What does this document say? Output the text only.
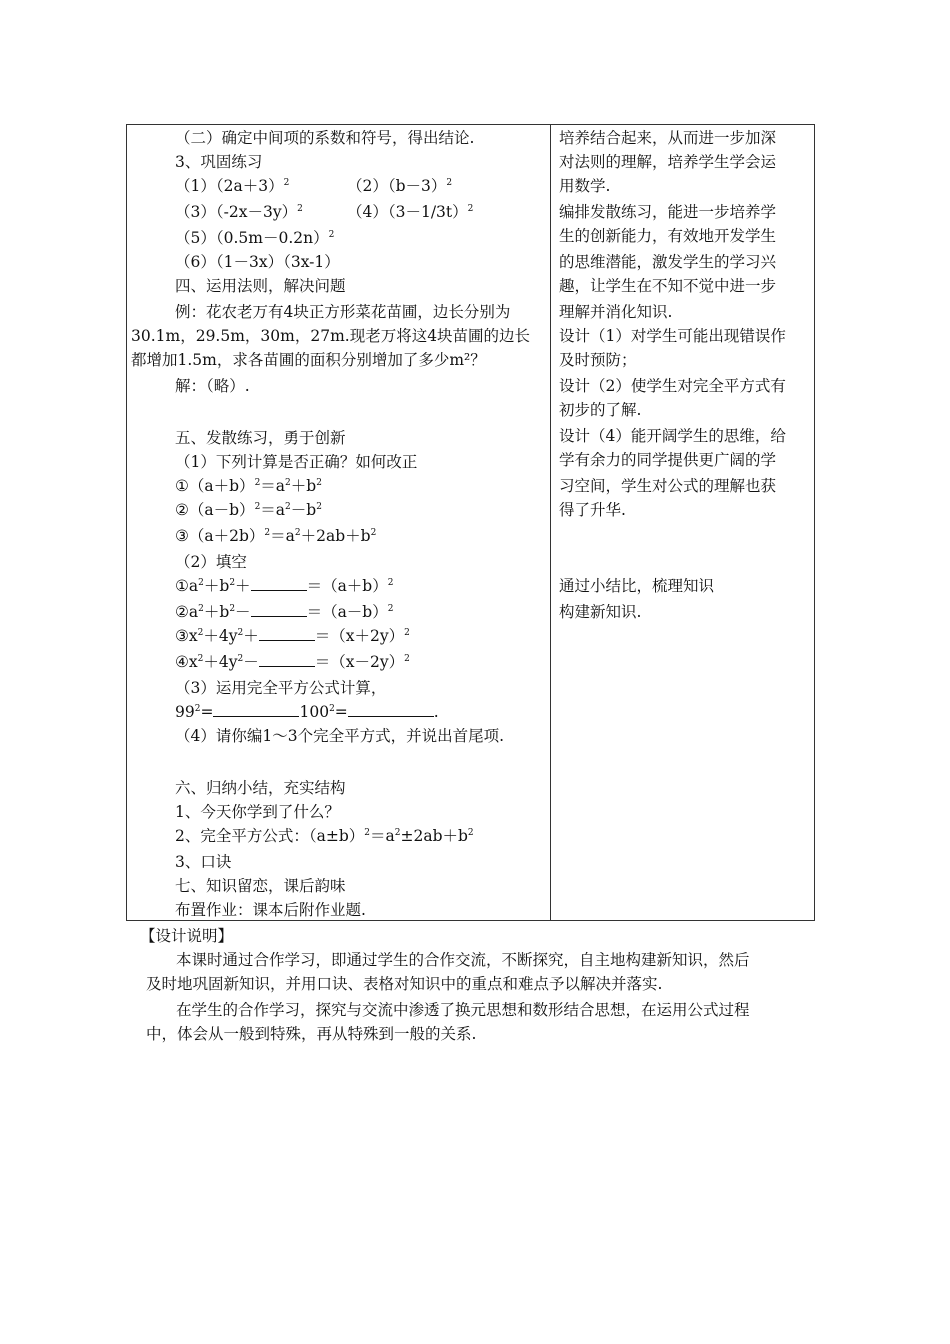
（二）确定中间项的系数和符号，得出结论.
3、巩固练习
$(1)(2a+3)^2$	$(2)(b-3)^2$
$(3)(-2x-3y)^2$	$(4)(3-1/3t)^2$
$(5)(0.5m-0.2n)^2$
（6）（1－3x）（3x-1）
四、运用法则，解决问题
例：花农老万有4块正方形菜花苗圃，边长分别为
30.1m，29.5m，30m，27m.现老万将这4块苗圃的边长
都增加1.5m，求各苗圃的面积分别增加了多少m²？
解：（略）.
五、发散练习，勇于创新
（1）下列计算是否正确？如何改正
$①(a+b)^2=a^2+b^2$
$②(a-b)^2=a^2-b^2$
$③(a+2b)^2=a^2+2ab+b^2$
（2）填空
$①a^2+b^2+$	$=(a+b)^2$
$②a^2+b^2-$	$=(a-b)^2$
$③x^2+4y^2+$	$=(x+2y)^2$
$④x^2+4y^2-$	$=(x-2y)^2$
（3）运用完全平方公式计算，
$99^2=$	$100^2=$	.
（4）请你编1～3个完全平方式，并说出首尾项.
六、归纳小结，充实结构
1、今天你学到了什么？
2、完全平方公式：$(a\pm b)^2=a^2\pm 2ab+b^2$
3、口诀
七、知识留恋，课后韵味
布置作业：课本后附作业题.
培养结合起来，从而进一步加深
对法则的理解，培养学生学会运
用数学.
编排发散练习，能进一步培养学
生的创新能力，有效地开发学生
的思维潜能，激发学生的学习兴
趣，让学生在不知不觉中进一步
理解并消化知识.
设计（1）对学生可能出现错误作
及时预防；
设计（2）使学生对完全平方式有
初步的了解.
设计（4）能开阔学生的思维，给
学有余力的同学提供更广阔的学
习空间，学生对公式的理解也获
得了升华.
通过小结比，梳理知识
构建新知识.
【设计说明】
本课时通过合作学习，即通过学生的合作交流，不断探究，自主地构建新知识，然后
及时地巩固新知识，并用口诀、表格对知识中的重点和难点予以解决并落实.
在学生的合作学习，探究与交流中渗透了换元思想和数形结合思想，在运用公式过程
中，体会从一般到特殊，再从特殊到一般的关系.
